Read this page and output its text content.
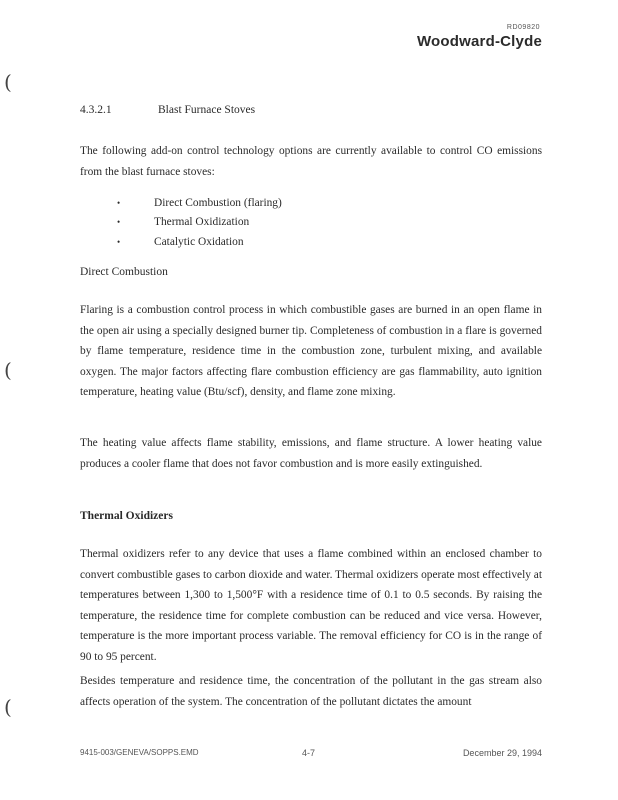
RD09820
Woodward-Clyde
(
(
(
4.3.2.1	Blast Furnace Stoves

The following add-on control technology options are currently available to control CO emissions from the blast furnace stoves:

•	Direct Combustion (flaring)
•	Thermal Oxidization
•	Catalytic Oxidation
Direct Combustion

Flaring is a combustion control process in which combustible gases are burned in an open flame in the open air using a specially designed burner tip. Completeness of combustion in a flare is governed by flame temperature, residence time in the combustion zone, turbulent mixing, and available oxygen. The major factors affecting flare combustion efficiency are gas flammability, auto ignition temperature, heating value (Btu/scf), density, and flame zone mixing.

The heating value affects flame stability, emissions, and flame structure. A lower heating value produces a cooler flame that does not favor combustion and is more easily extinguished.

Thermal Oxidizers

Thermal oxidizers refer to any device that uses a flame combined within an enclosed chamber to convert combustible gases to carbon dioxide and water. Thermal oxidizers operate most effectively at temperatures between 1,300 to 1,500°F with a residence time of 0.1 to 0.5 seconds. By raising the temperature, the residence time for complete combustion can be reduced and vice versa. However, temperature is the more important process variable. The removal efficiency for CO is in the range of 90 to 95 percent.

Besides temperature and residence time, the concentration of the pollutant in the gas stream also affects operation of the system. The concentration of the pollutant dictates the amount

9415-003/GENEVA/SOPPS.EMD	4-7	December 29, 1994
